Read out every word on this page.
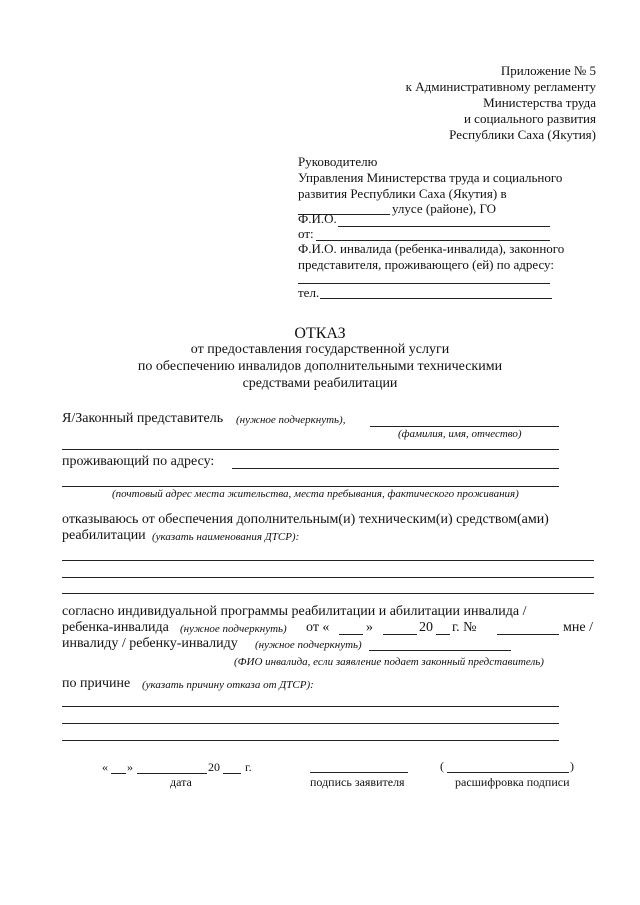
Приложение № 5
к Административному регламенту
Министерства труда
и социального развития
Республики Саха (Якутия)
Руководителю
Управления Министерства труда и социального
развития Республики Саха (Якутия) в
улусе (районе), ГО
Ф.И.О.
от:
Ф.И.О. инвалида (ребенка-инвалида), законного
представителя, проживающего (ей) по адресу:
тел.
ОТКАЗ
от предоставления государственной услуги
по обеспечению инвалидов дополнительными техническими
средствами реабилитации
Я/Законный представитель (нужное подчеркнуть),
(фамилия, имя, отчество)
проживающий по адресу:
(почтовый адрес места жительства, места пребывания, фактического проживания)
отказываюсь от обеспечения дополнительным(и) техническим(и) средством(ами)
реабилитации (указать наименования ДТСР):
согласно индивидуальной программы реабилитации и абилитации инвалида /
ребенка-инвалида (нужное подчеркнуть) от «	»	20 г. №	мне /
инвалиду / ребенку-инвалиду (нужное подчеркнуть)
(ФИО инвалида, если заявление подает законный представитель)
по причине (указать причину отказа от ДТСР):
« »	20 г.
дата	подпись заявителя
(	)
расшифровка подписи
